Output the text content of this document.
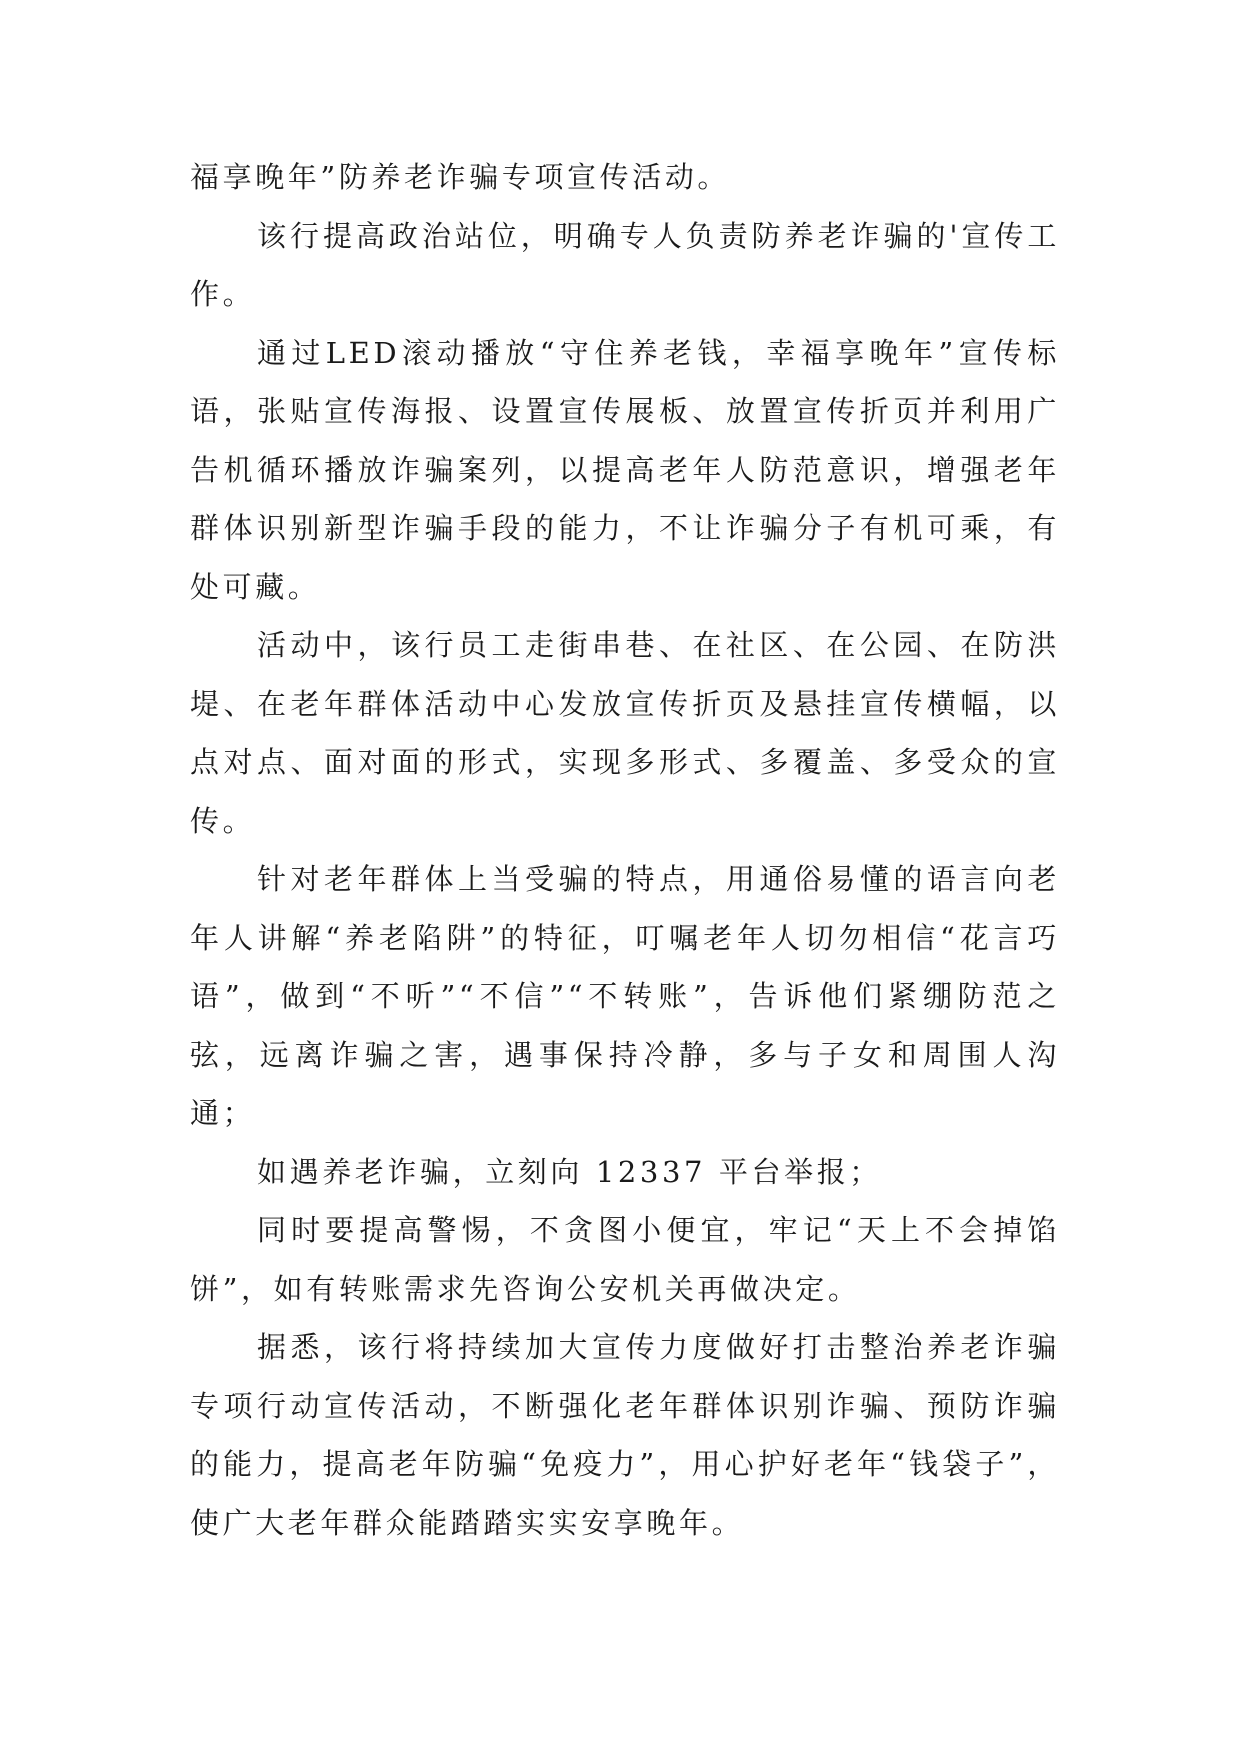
福享晚年”防养老诈骗专项宣传活动。

该行提高政治站位，明确专人负责防养老诈骗的'宣传工作。

通过LED滚动播放“守住养老钱，幸福享晚年”宣传标语，张贴宣传海报、设置宣传展板、放置宣传折页并利用广告机循环播放诈骗案列，以提高老年人防范意识，增强老年群体识别新型诈骗手段的能力，不让诈骗分子有机可乘，有处可藏。

活动中，该行员工走街串巷、在社区、在公园、在防洪堤、在老年群体活动中心发放宣传折页及悬挂宣传横幅，以点对点、面对面的形式，实现多形式、多覆盖、多受众的宣传。

针对老年群体上当受骗的特点，用通俗易懂的语言向老年人讲解“养老陷阱”的特征，叮嘱老年人切勿相信“花言巧语”，做到“不听”“不信”“不转账”，告诉他们紧绷防范之弦，远离诈骗之害，遇事保持冷静，多与子女和周围人沟通；

如遇养老诈骗，立刻向 12337 平台举报；

同时要提高警惕，不贪图小便宜，牢记“天上不会掉馅饼”，如有转账需求先咨询公安机关再做决定。

据悉，该行将持续加大宣传力度做好打击整治养老诈骗专项行动宣传活动，不断强化老年群体识别诈骗、预防诈骗的能力，提高老年防骗“免疫力”，用心护好老年“钱袋子”，使广大老年群众能踏踏实实安享晚年。
